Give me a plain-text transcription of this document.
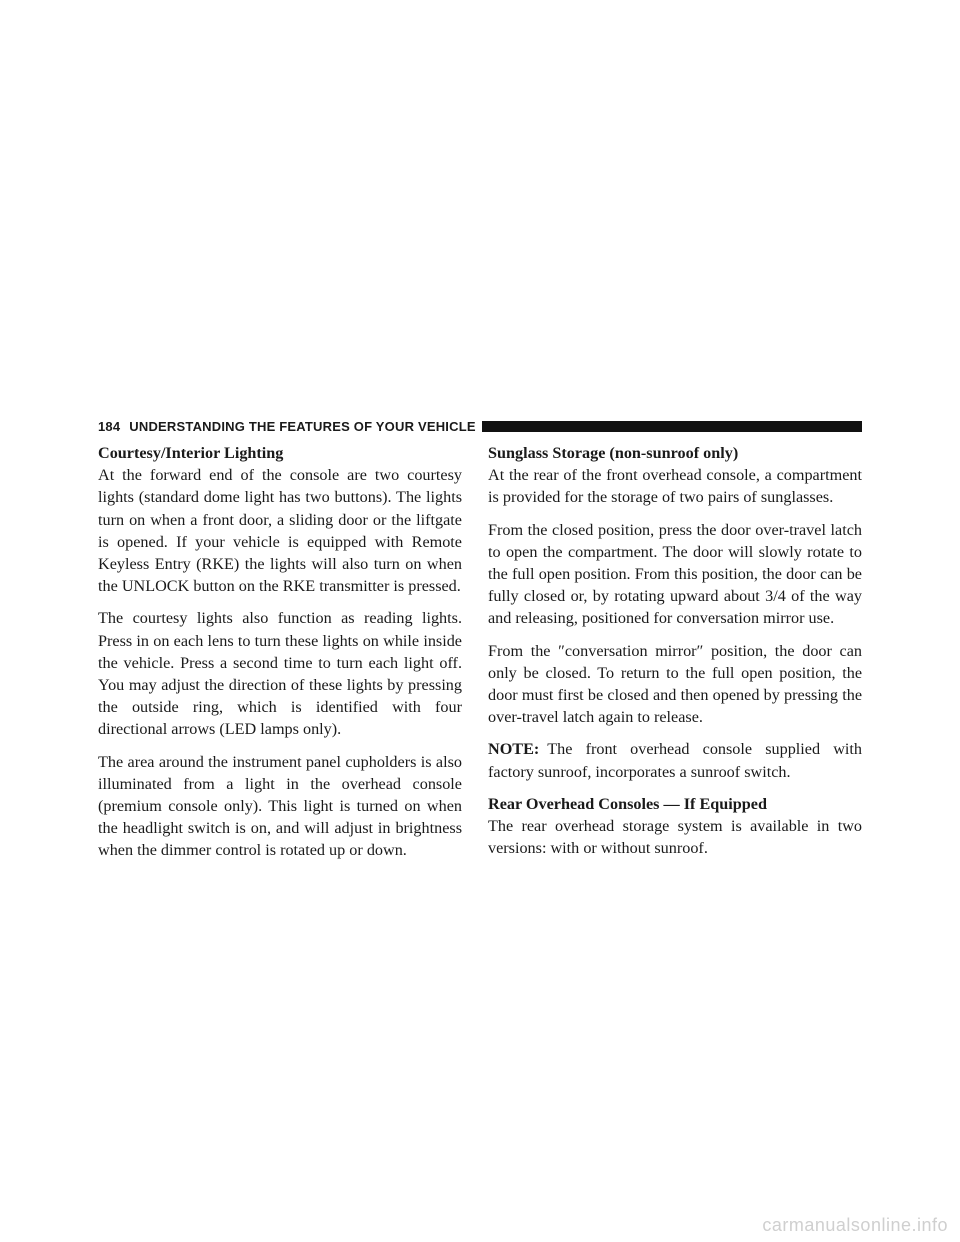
184 UNDERSTANDING THE FEATURES OF YOUR VEHICLE

Courtesy/Interior Lighting

At the forward end of the console are two courtesy lights (standard dome light has two buttons). The lights turn on when a front door, a sliding door or the liftgate is opened. If your vehicle is equipped with Remote Keyless Entry (RKE) the lights will also turn on when the UNLOCK button on the RKE transmitter is pressed.

The courtesy lights also function as reading lights. Press in on each lens to turn these lights on while inside the vehicle. Press a second time to turn each light off. You may adjust the direction of these lights by pressing the outside ring, which is identified with four directional arrows (LED lamps only).

The area around the instrument panel cupholders is also illuminated from a light in the overhead console (premium console only). This light is turned on when the headlight switch is on, and will adjust in brightness when the dimmer control is rotated up or down.

Sunglass Storage (non-sunroof only)

At the rear of the front overhead console, a compartment is provided for the storage of two pairs of sunglasses.

From the closed position, press the door over-travel latch to open the compartment. The door will slowly rotate to the full open position. From this position, the door can be fully closed or, by rotating upward about 3/4 of the way and releasing, positioned for conversation mirror use.

From the ″conversation mirror″ position, the door can only be closed. To return to the full open position, the door must first be closed and then opened by pressing the over-travel latch again to release.

NOTE: The front overhead console supplied with factory sunroof, incorporates a sunroof switch.

Rear Overhead Consoles — If Equipped

The rear overhead storage system is available in two versions: with or without sunroof.

carmanualsonline.info
